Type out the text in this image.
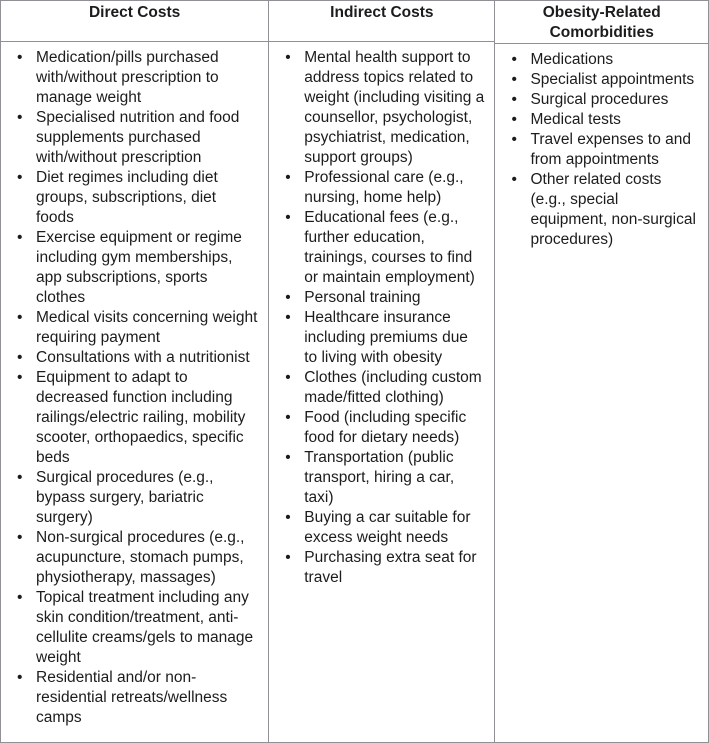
Direct Costs
• Medication/pills purchased with/without prescription to manage weight
• Specialised nutrition and food supplements purchased with/without prescription
• Diet regimes including diet groups, subscriptions, diet foods
• Exercise equipment or regime including gym memberships, app subscriptions, sports clothes
• Medical visits concerning weight requiring payment
• Consultations with a nutritionist
• Equipment to adapt to decreased function including railings/electric railing, mobility scooter, orthopaedics, specific beds
• Surgical procedures (e.g., bypass surgery, bariatric surgery)
• Non-surgical procedures (e.g., acupuncture, stomach pumps, physiotherapy, massages)
• Topical treatment including any skin condition/treatment, anti-cellulite creams/gels to manage weight
• Residential and/or non-residential retreats/wellness camps
Indirect Costs
• Mental health support to address topics related to weight (including visiting a counsellor, psychologist, psychiatrist, medication, support groups)
• Professional care (e.g., nursing, home help)
• Educational fees (e.g., further education, trainings, courses to find or maintain employment)
• Personal training
• Healthcare insurance including premiums due to living with obesity
• Clothes (including custom made/fitted clothing)
• Food (including specific food for dietary needs)
• Transportation (public transport, hiring a car, taxi)
• Buying a car suitable for excess weight needs
• Purchasing extra seat for travel
Obesity-Related Comorbidities
• Medications
• Specialist appointments
• Surgical procedures
• Medical tests
• Travel expenses to and from appointments
• Other related costs (e.g., special equipment, non-surgical procedures)
